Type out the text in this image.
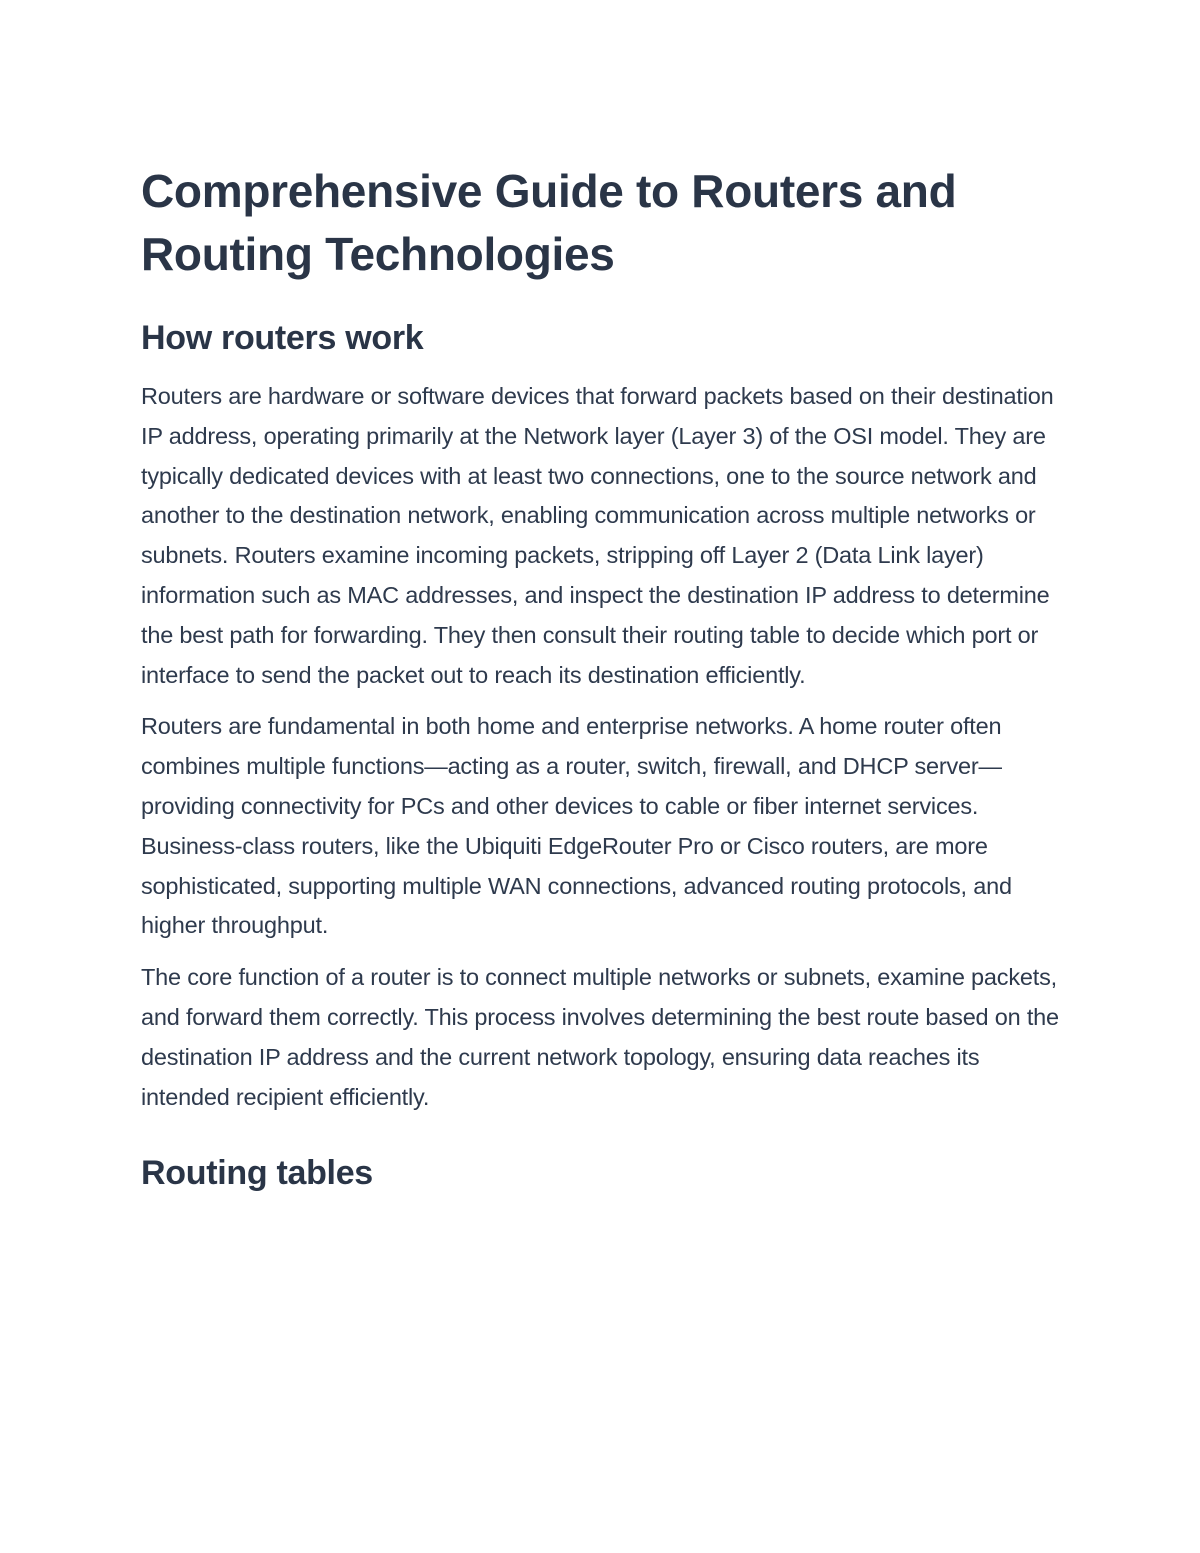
Comprehensive Guide to Routers and Routing Technologies
How routers work

Routers are hardware or software devices that forward packets based on their destination IP address, operating primarily at the Network layer (Layer 3) of the OSI model. They are typically dedicated devices with at least two connections, one to the source network and another to the destination network, enabling communication across multiple networks or subnets. Routers examine incoming packets, stripping off Layer 2 (Data Link layer) information such as MAC addresses, and inspect the destination IP address to determine the best path for forwarding. They then consult their routing table to decide which port or interface to send the packet out to reach its destination efficiently.

Routers are fundamental in both home and enterprise networks. A home router often combines multiple functions—acting as a router, switch, firewall, and DHCP server—providing connectivity for PCs and other devices to cable or fiber internet services. Business-class routers, like the Ubiquiti EdgeRouter Pro or Cisco routers, are more sophisticated, supporting multiple WAN connections, advanced routing protocols, and higher throughput.

The core function of a router is to connect multiple networks or subnets, examine packets, and forward them correctly. This process involves determining the best route based on the destination IP address and the current network topology, ensuring data reaches its intended recipient efficiently.

Routing tables
